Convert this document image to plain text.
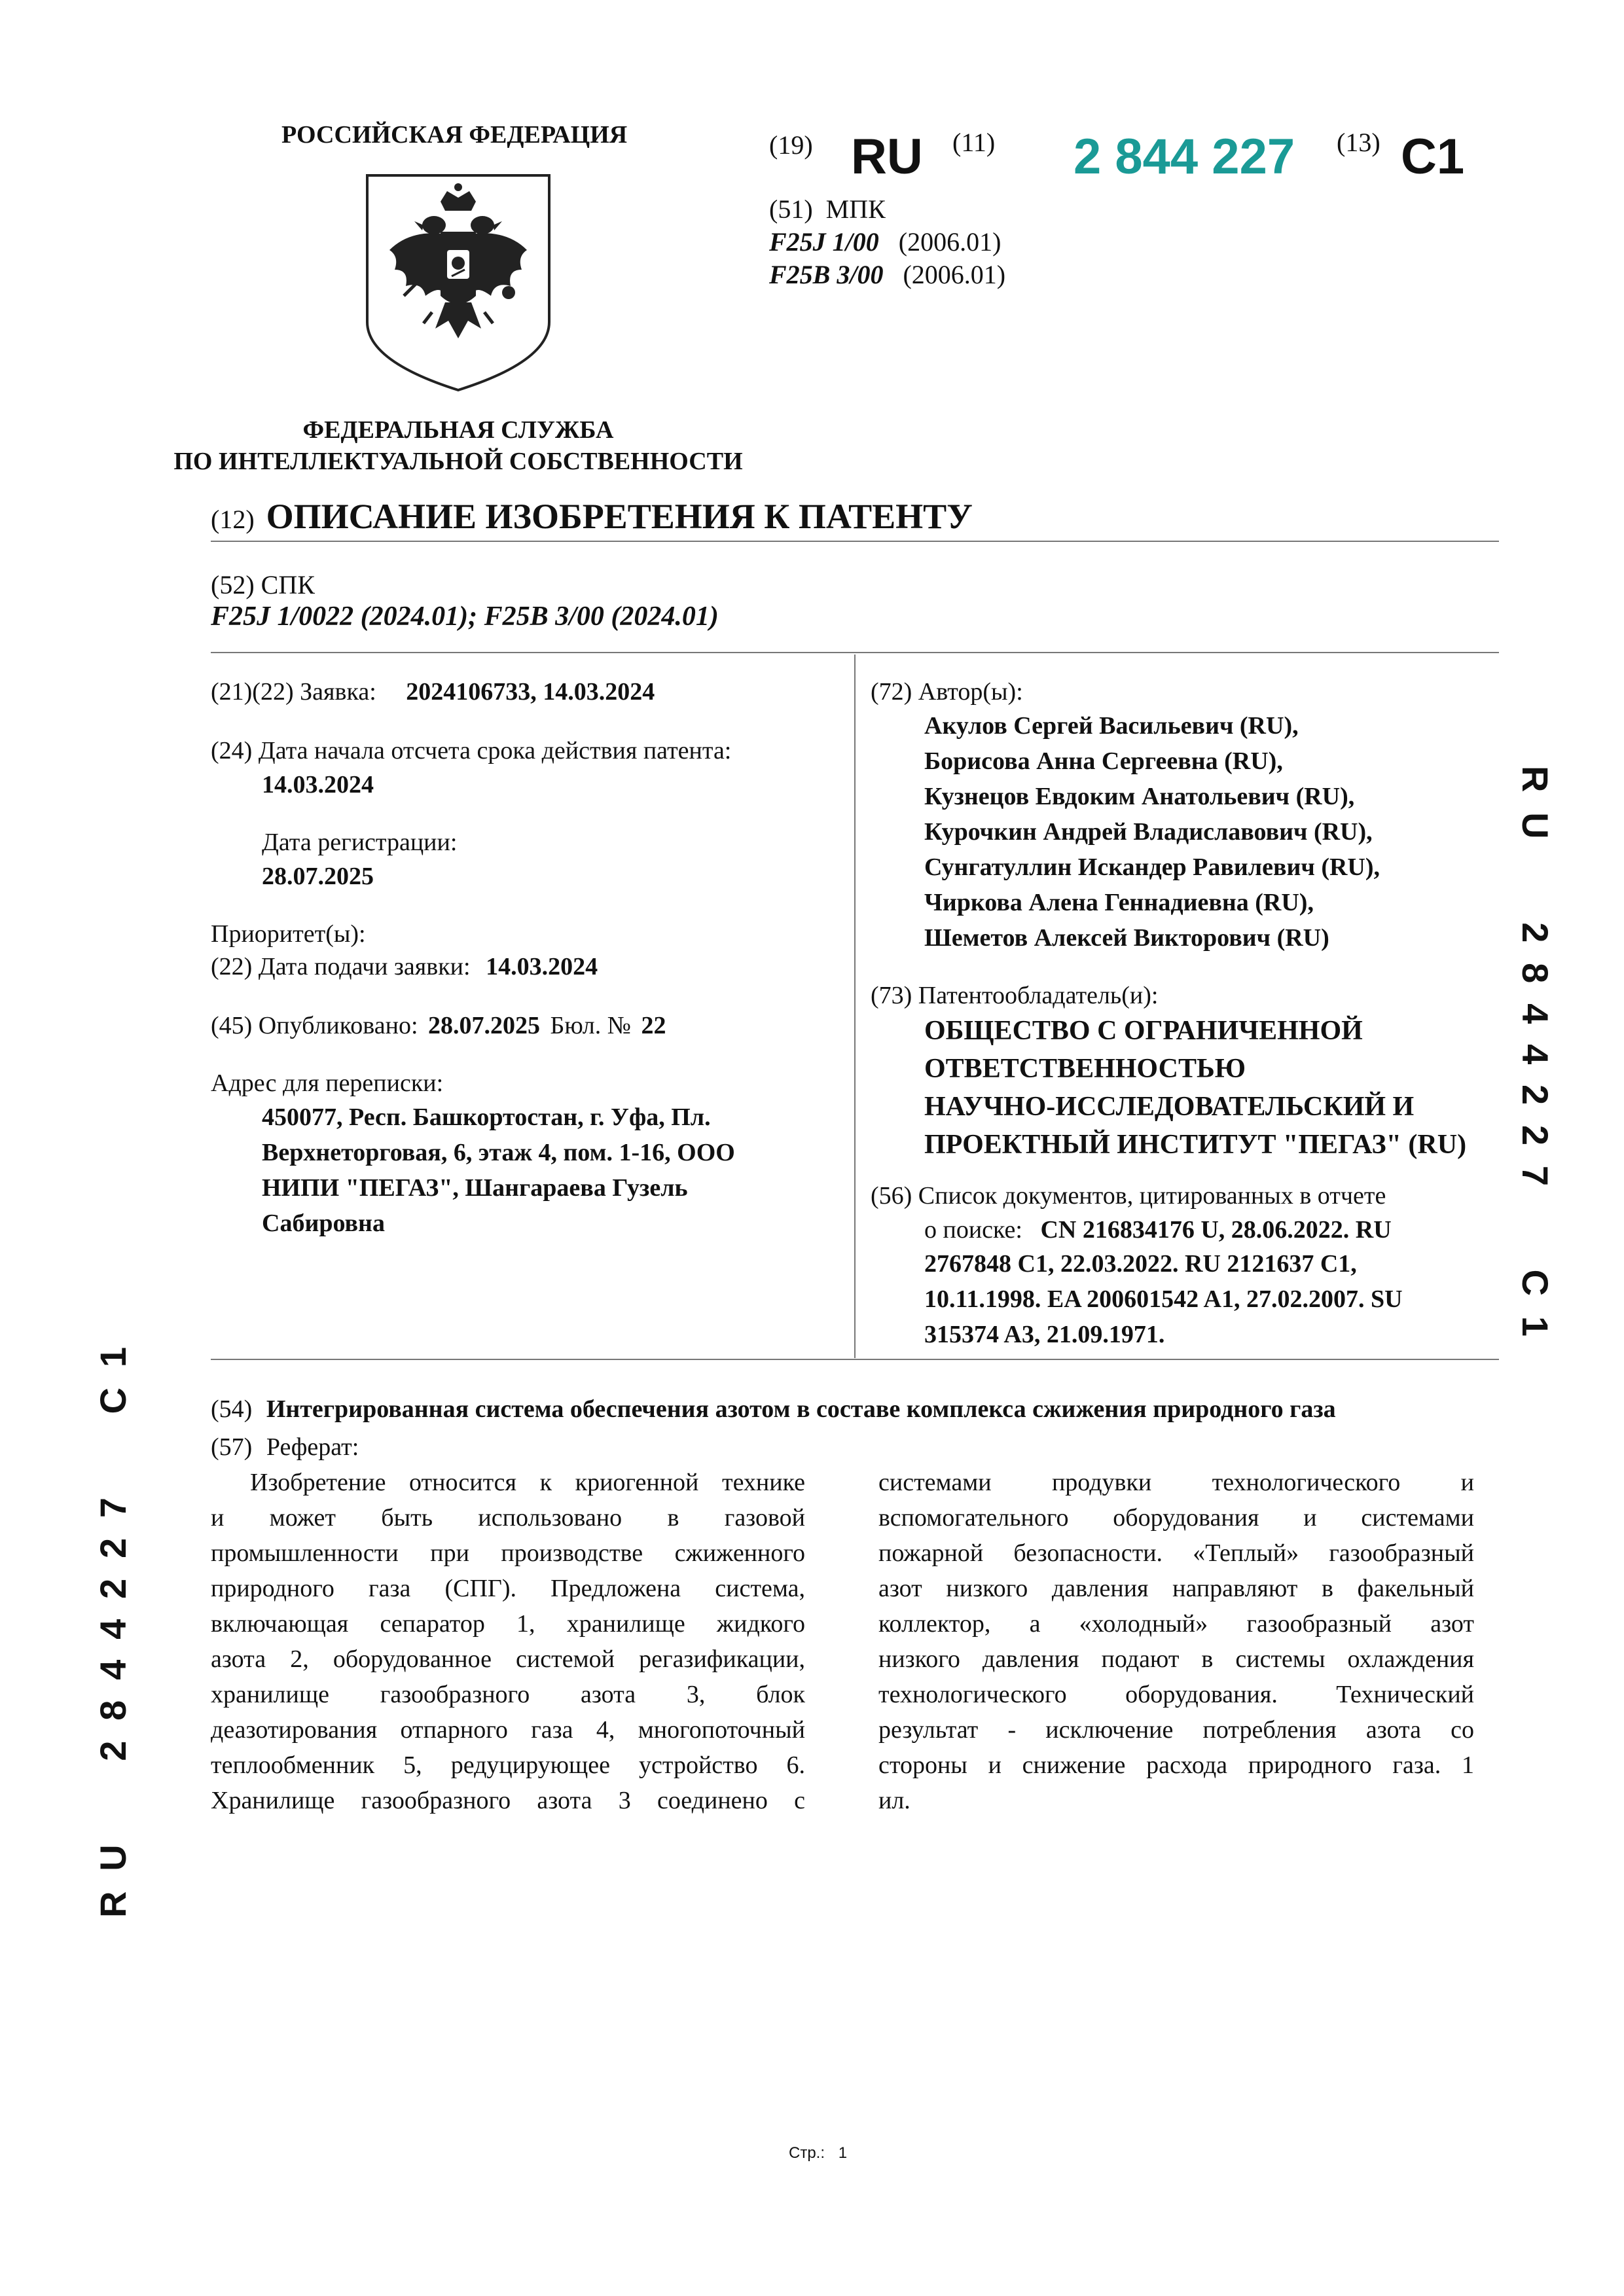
РОССИЙСКАЯ ФЕДЕРАЦИЯ
ФЕДЕРАЛЬНАЯ СЛУЖБА
ПО ИНТЕЛЛЕКТУАЛЬНОЙ СОБСТВЕННОСТИ
(19) RU (11) 2 844 227 (13) C1
(51) МПК
F25J 1/00 (2006.01)
F25B 3/00 (2006.01)
(12) ОПИСАНИЕ ИЗОБРЕТЕНИЯ К ПАТЕНТУ
(52) СПК
F25J 1/0022 (2024.01); F25B 3/00 (2024.01)
(21)(22) Заявка: 2024106733, 14.03.2024
(24) Дата начала отсчета срока действия патента:
14.03.2024
Дата регистрации:
28.07.2025
Приоритет(ы):
(22) Дата подачи заявки: 14.03.2024
(45) Опубликовано: 28.07.2025 Бюл. № 22
Адрес для переписки:
450077, Респ. Башкортостан, г. Уфа, Пл.
Верхнеторговая, 6, этаж 4, пом. 1-16, ООО
НИПИ "ПЕГАЗ", Шангараева Гузель
Сабировна
(72) Автор(ы):
Акулов Сергей Васильевич (RU),
Борисова Анна Сергеевна (RU),
Кузнецов Евдоким Анатольевич (RU),
Курочкин Андрей Владиславович (RU),
Сунгатуллин Искандер Равилевич (RU),
Чиркова Алена Геннадиевна (RU),
Шеметов Алексей Викторович (RU)
(73) Патентообладатель(и):
ОБЩЕСТВО С ОГРАНИЧЕННОЙ
ОТВЕТСТВЕННОСТЬЮ
НАУЧНО-ИССЛЕДОВАТЕЛЬСКИЙ И
ПРОЕКТНЫЙ ИНСТИТУТ "ПЕГАЗ" (RU)
(56) Список документов, цитированных в отчете
о поиске: CN 216834176 U, 28.06.2022. RU
2767848 C1, 22.03.2022. RU 2121637 C1,
10.11.1998. EA 200601542 A1, 27.02.2007. SU
315374 A3, 21.09.1971.
(54) Интегрированная система обеспечения азотом в составе комплекса сжижения природного газа
(57) Реферат:
Изобретение относится к криогенной технике
и может быть использовано в газовой
промышленности при производстве сжиженного
природного газа (СПГ). Предложена система,
включающая сепаратор 1, хранилище жидкого
азота 2, оборудованное системой регазификации,
хранилище газообразного азота 3, блок
деазотирования отпарного газа 4, многопоточный
теплообменник 5, редуцирующее устройство 6.
Хранилище газообразного азота 3 соединено с
системами продувки технологического и
вспомогательного оборудования и системами
пожарной безопасности. «Теплый» газообразный
азот низкого давления направляют в факельный
коллектор, а «холодный» газообразный азот
низкого давления подают в системы охлаждения
технологического оборудования. Технический
результат - исключение потребления азота со
стороны и снижение расхода природного газа. 1
ил.
RU 2844227 C1
RU 2844227 C1
Стр.: 1
